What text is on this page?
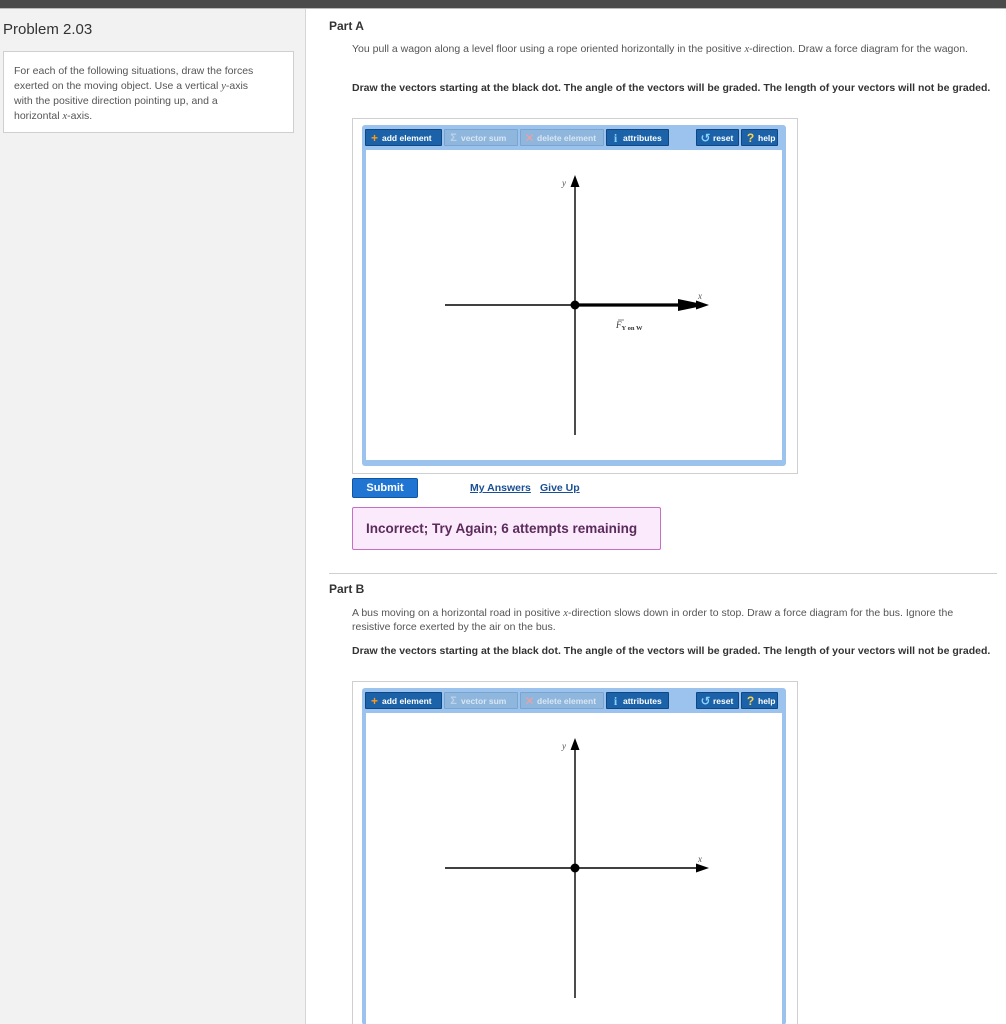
Problem 2.03
For each of the following situations, draw the forces
exerted on the moving object. Use a vertical y-axis
with the positive direction pointing up, and a
horizontal x-axis.
Part A
You pull a wagon along a level floor using a rope oriented horizontally in the positive x-direction. Draw a force diagram for the wagon.
Draw the vectors starting at the black dot. The angle of the vectors will be graded. The length of your vectors will not be graded.
+ add element	Σ vector sum	✕ delete element	i attributes	↺ reset	? help
y
x
$F_{Y on W}$
Submit	My Answers Give Up
Incorrect; Try Again; 6 attempts remaining
Part B
A bus moving on a horizontal road in positive x-direction slows down in order to stop. Draw a force diagram for the bus. Ignore the resistive force exerted by the air on the bus.
Draw the vectors starting at the black dot. The angle of the vectors will be graded. The length of your vectors will not be graded.
+ add element	Σ vector sum	✕ delete element	i attributes	↺ reset	? help
y
x
